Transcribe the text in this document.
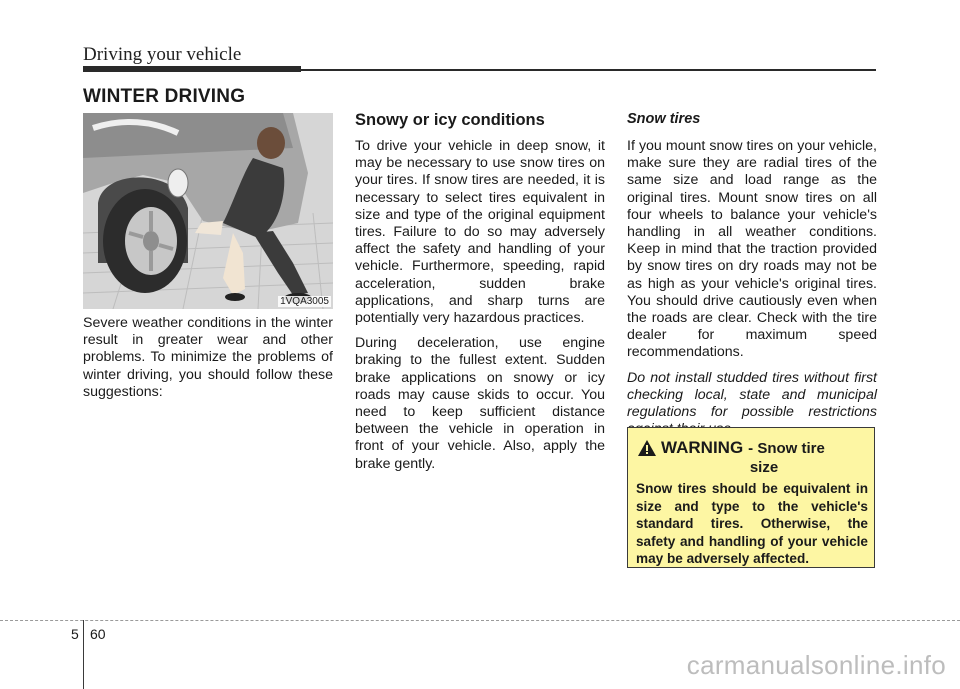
Driving your vehicle
WINTER DRIVING
1VQA3005

Severe weather conditions in the winter result in greater wear and other problems. To minimize the problems of winter driving, you should follow these suggestions:

Snowy or icy conditions

To drive your vehicle in deep snow, it may be necessary to use snow tires on your tires. If snow tires are needed, it is necessary to select tires equivalent in size and type of the original equipment tires. Failure to do so may adversely affect the safety and handling of your vehicle. Furthermore, speeding, rapid acceleration, sudden brake applications, and sharp turns are potentially very hazardous practices.

During deceleration, use engine braking to the fullest extent. Sudden brake applications on snowy or icy roads may cause skids to occur. You need to keep sufficient distance between the vehicle in operation in front of your vehicle. Also, apply the brake gently.

Snow tires

If you mount snow tires on your vehicle, make sure they are radial tires of the same size and load range as the original tires. Mount snow tires on all four wheels to balance your vehicle's handling in all weather conditions. Keep in mind that the traction provided by snow tires on dry roads may not be as high as your vehicle's original tires. You should drive cautiously even when the roads are clear. Check with the tire dealer for maximum speed recommendations.

Do not install studded tires without first checking local, state and municipal regulations for possible restrictions

WARNING - Snow tire
size
Snow tires should be equivalent in size and type to the vehicle's standard tires. Otherwise, the safety and handling of your vehicle may be adversely affected.
5 60
carmanualsonline.info
